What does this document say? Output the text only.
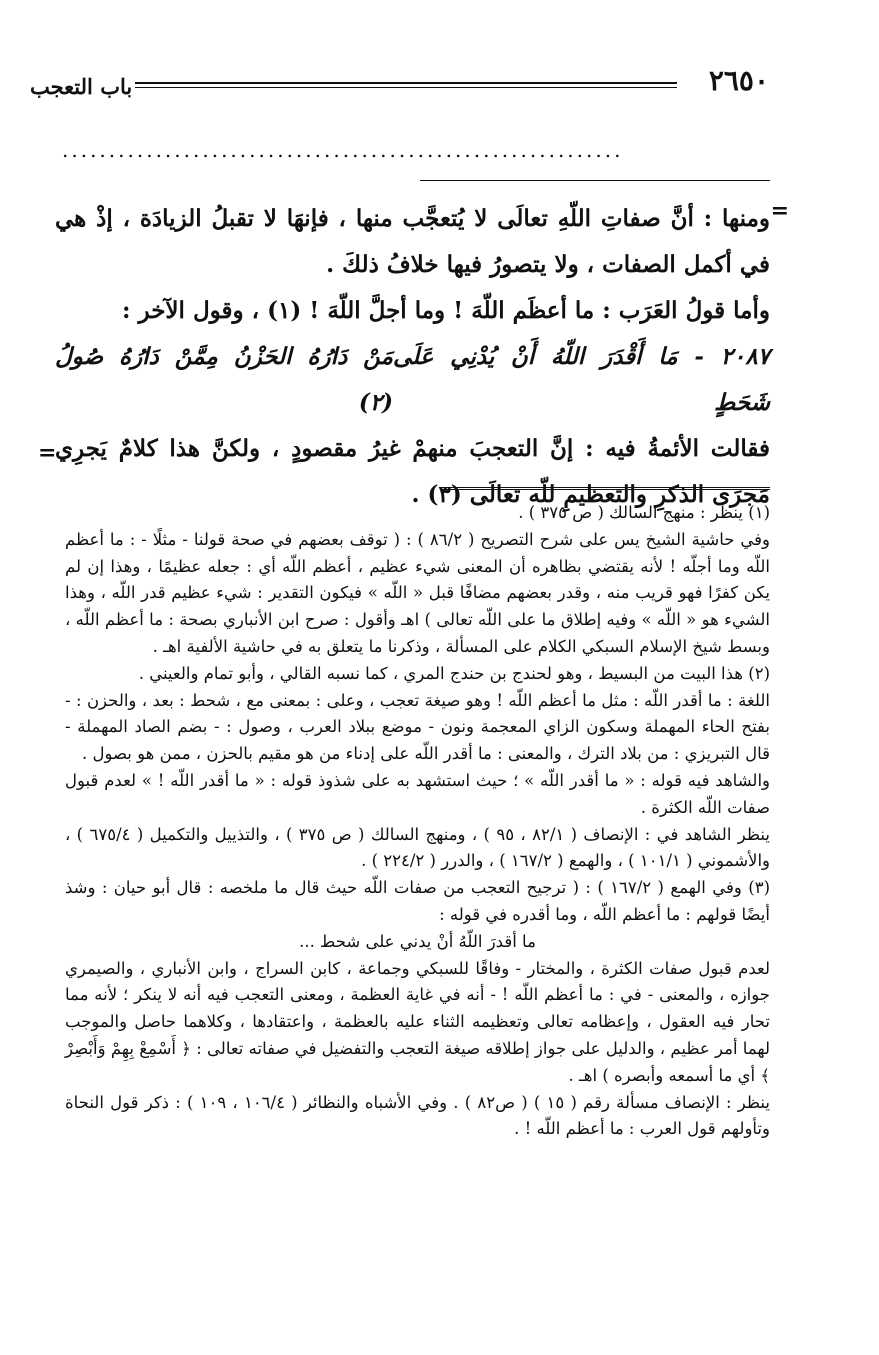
٢٦٥٠
باب التعجب
............................................................
=

ومنها : أنَّ صفاتِ اللّهِ تعالَى لا يُتعجَّب منها ، فإنهَا لا تقبلُ الزيادَة ، إذْ هي في أكمل الصفات ، ولا يتصورُ فيها خلافُ ذلكَ .

وأما قولُ العَرَب : ما أعظَم اللّهَ ! وما أجلَّ اللّهَ ! (١) ، وقول الآخر :

٢٠٨٧ - مَا أَقْدَرَ اللّهُ أَنْ يُدْنِي عَلَى شَحَطٍ
مَنْ دَارُهُ الحَزْنُ مِمَّنْ دَارُهُ صُولُ (٢)

فقالت الأئمةُ فيه : إنَّ التعجبَ منهمْ غيرُ مقصودٍ ، ولكنَّ هذا كلامٌ يَجرِي مَجرَى الذكرِ والتعظيمِ للّه تعالَى (٣) .

=

(١) ينظر : منهج السالك ( ص ٣٧٥ ) .

وفي حاشية الشيخ يس على شرح التصريح ( ٨٦/٢ ) : ( توقف بعضهم في صحة قولنا - مثلًا - : ما أعظم اللّه وما أجلّه ! لأنه يقتضي بظاهره أن المعنى شيء عظيم ، أعظم اللّه أي : جعله عظيمًا ، وهذا إن لم يكن كفرًا فهو قريب منه ، وقدر بعضهم مضافًا قبل « اللّه » فيكون التقدير : شيء عظيم قدر اللّه ، وهذا الشيء هو « اللّه » وفيه إطلاق ما على اللّه تعالى ) اهـ وأقول : صرح ابن الأنباري بصحة : ما أعظم اللّه ، وبسط شيخ الإسلام السبكي الكلام على المسألة ، وذكرنا ما يتعلق به في حاشية الألفية اهـ .

(٢) هذا البيت من البسيط ، وهو لحندج بن حندج المري ، كما نسبه القالي ، وأبو تمام والعيني .

اللغة : ما أقدر اللّه : مثل ما أعظم اللّه ! وهو صيغة تعجب ، وعلى : بمعنى مع ، شحط : بعد ، والحزن : - بفتح الحاء المهملة وسكون الزاي المعجمة ونون - موضع ببلاد العرب ، وصول : - بضم الصاد المهملة - قال التبريزي : من بلاد الترك ، والمعنى : ما أقدر اللّه على إدناء من هو مقيم بالحزن ، ممن هو بصول .

والشاهد فيه قوله : « ما أقدر اللّه » ؛ حيث استشهد به على شذوذ قوله : « ما أقدر اللّه ! » لعدم قبول صفات اللّه الكثرة .

ينظر الشاهد في : الإنصاف ( ٨٢/١ ، ٩٥ ) ، ومنهج السالك ( ص ٣٧٥ ) ، والتذييل والتكميل ( ٦٧٥/٤ ) ، والأشموني ( ١٠١/١ ) ، والهمع ( ١٦٧/٢ ) ، والدرر ( ٢٢٤/٢ ) .

(٣) وفي الهمع ( ١٦٧/٢ ) : ( ترجيح التعجب من صفات اللّه حيث قال ما ملخصه : قال أبو حيان : وشذ أيضًا قولهم : ما أعظم اللّه ، وما أقدره في قوله :

ما أقدرَ اللّهُ أنْ يدني على شحط ...

لعدم قبول صفات الكثرة ، والمختار - وفاقًا للسبكي وجماعة ، كابن السراج ، وابن الأنباري ، والصيمري جوازه ، والمعنى - في : ما أعظم اللّه ! - أنه في غاية العظمة ، ومعنى التعجب فيه أنه لا ينكر ؛ لأنه مما تحار فيه العقول ، وإعظامه تعالى وتعظيمه الثناء عليه بالعظمة ، واعتقادها ، وكلاهما حاصل والموجب لهما أمر عظيم ، والدليل على جواز إطلاقه صيغة التعجب والتفضيل في صفاته تعالى : ﴿ أَسْمِعْ بِهِمْ وَأَبْصِرْ ﴾ أي ما أسمعه وأبصره ) اهـ .

ينظر : الإنصاف مسألة رقم ( ١٥ ) ( ص٨٢ ) . وفي الأشباه والنظائر ( ١٠٦/٤ ، ١٠٩ ) : ذكر قول النحاة وتأولهم قول العرب : ما أعظم اللّه ! .
